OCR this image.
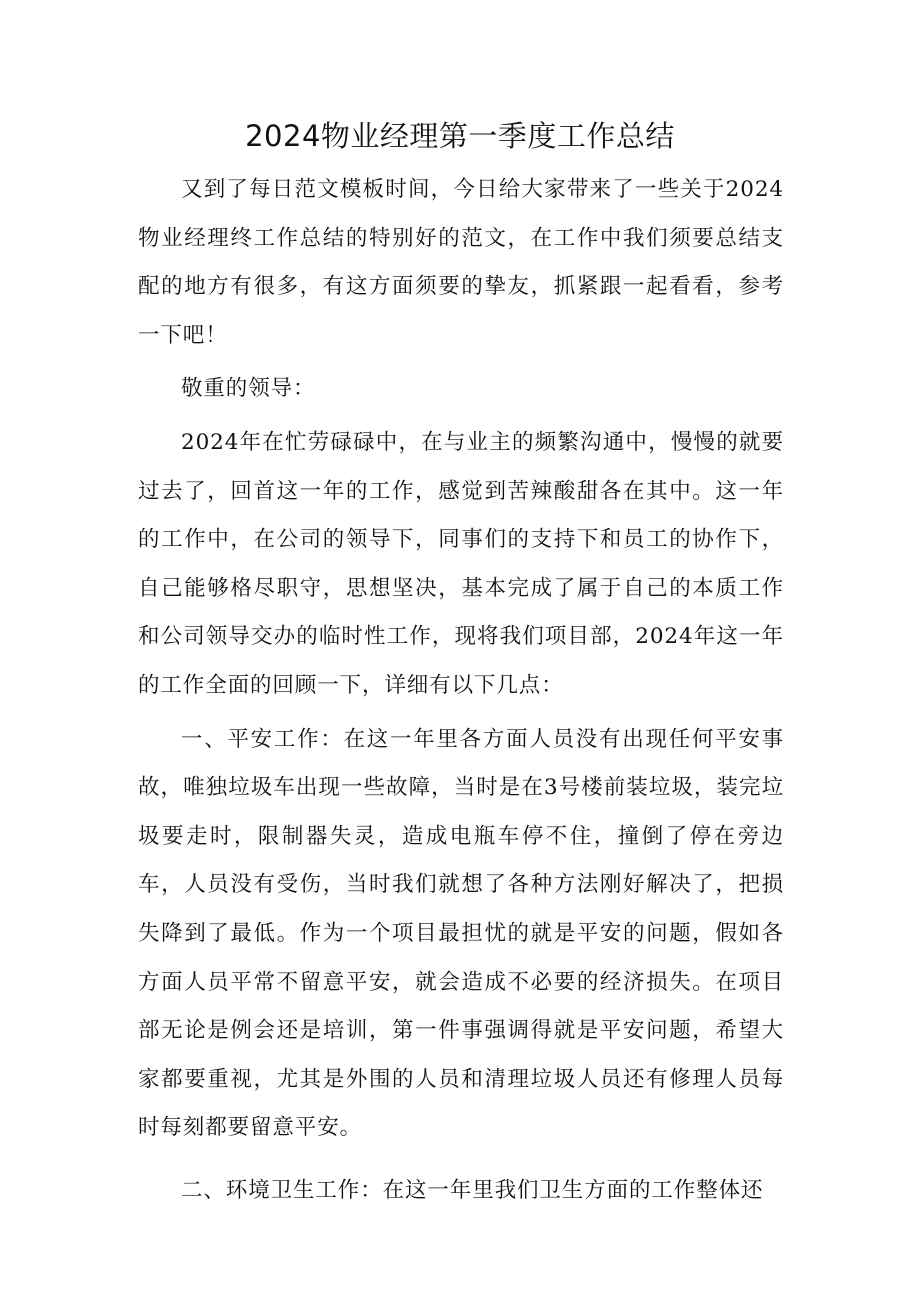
2024物业经理第一季度工作总结

又到了每日范文模板时间，今日给大家带来了一些关于2024物业经理终工作总结的特别好的范文，在工作中我们须要总结支配的地方有很多，有这方面须要的挚友，抓紧跟一起看看，参考一下吧！

敬重的领导：

2024年在忙劳碌碌中，在与业主的频繁沟通中，慢慢的就要过去了，回首这一年的工作，感觉到苦辣酸甜各在其中。这一年的工作中，在公司的领导下，同事们的支持下和员工的协作下，自己能够格尽职守，思想坚决，基本完成了属于自己的本质工作和公司领导交办的临时性工作，现将我们项目部，2024年这一年的工作全面的回顾一下，详细有以下几点：

一、平安工作：在这一年里各方面人员没有出现任何平安事故，唯独垃圾车出现一些故障，当时是在3号楼前装垃圾，装完垃圾要走时，限制器失灵，造成电瓶车停不住，撞倒了停在旁边车，人员没有受伤，当时我们就想了各种方法刚好解决了，把损失降到了最低。作为一个项目最担忧的就是平安的问题，假如各方面人员平常不留意平安，就会造成不必要的经济损失。在项目部无论是例会还是培训，第一件事强调得就是平安问题，希望大家都要重视，尤其是外围的人员和清理垃圾人员还有修理人员每时每刻都要留意平安。

二、环境卫生工作：在这一年里我们卫生方面的工作整体还
